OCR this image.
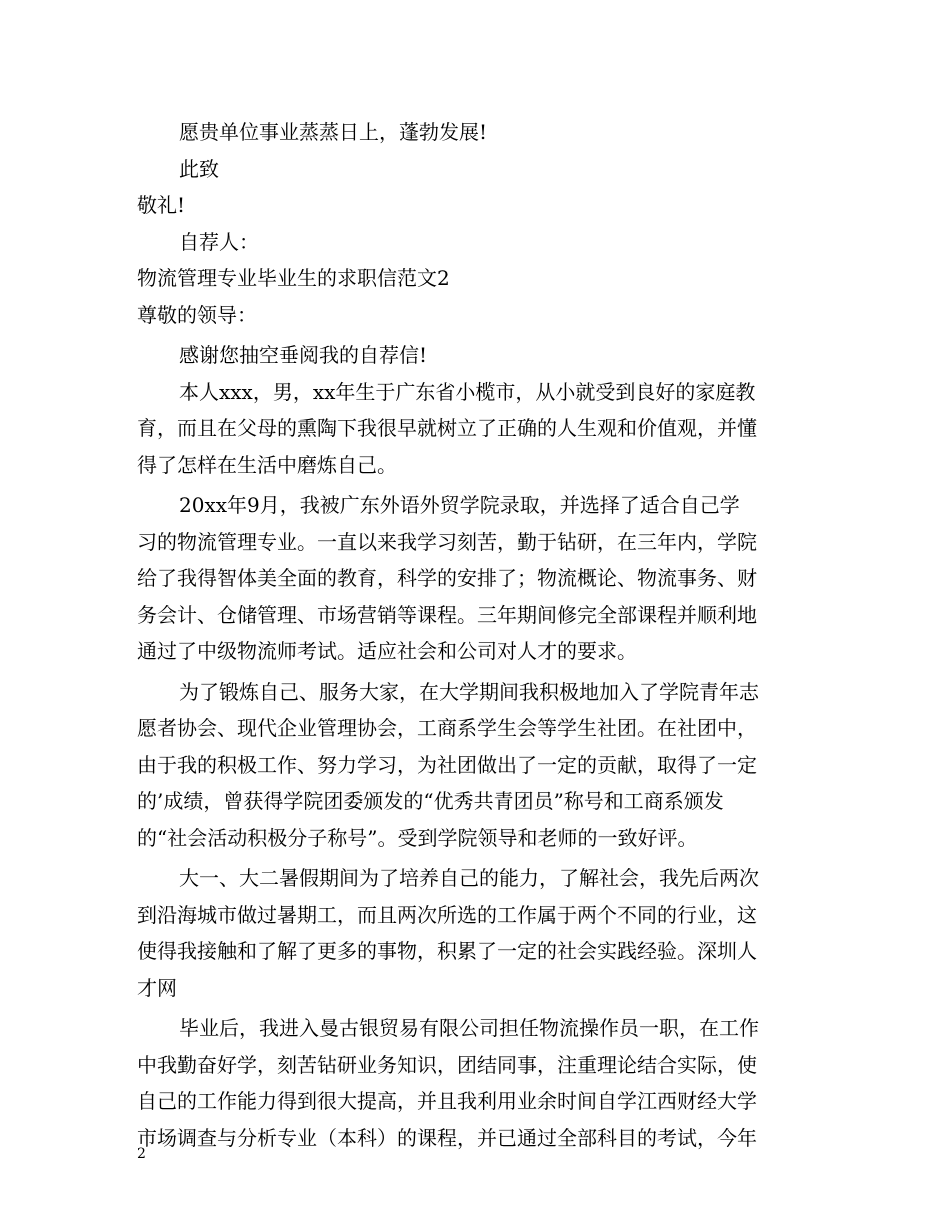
愿贵单位事业蒸蒸日上，蓬勃发展!
此致
敬礼!
自荐人：
物流管理专业毕业生的求职信范文2
尊敬的领导：
感谢您抽空垂阅我的自荐信!
本人xxx，男，xx年生于广东省小榄市，从小就受到良好的家庭教
育，而且在父母的熏陶下我很早就树立了正确的人生观和价值观，并懂
得了怎样在生活中磨炼自己。
20xx年9月，我被广东外语外贸学院录取，并选择了适合自己学
习的物流管理专业。一直以来我学习刻苦，勤于钻研，在三年内，学院
给了我得智体美全面的教育，科学的安排了；物流概论、物流事务、财
务会计、仓储管理、市场营销等课程。三年期间修完全部课程并顺利地
通过了中级物流师考试。适应社会和公司对人才的要求。
为了锻炼自己、服务大家，在大学期间我积极地加入了学院青年志
愿者协会、现代企业管理协会，工商系学生会等学生社团。在社团中，
由于我的积极工作、努力学习，为社团做出了一定的贡献，取得了一定
的’成绩，曾获得学院团委颁发的“优秀共青团员”称号和工商系颁发
的“社会活动积极分子称号”。受到学院领导和老师的一致好评。
大一、大二暑假期间为了培养自己的能力，了解社会，我先后两次
到沿海城市做过暑期工，而且两次所选的工作属于两个不同的行业，这
使得我接触和了解了更多的事物，积累了一定的社会实践经验。深圳人
才网
毕业后，我进入曼古银贸易有限公司担任物流操作员一职，在工作
中我勤奋好学，刻苦钻研业务知识，团结同事，注重理论结合实际，使
自己的工作能力得到很大提高，并且我利用业余时间自学江西财经大学
市场调查与分析专业（本科）的课程，并已通过全部科目的考试，今年
2
